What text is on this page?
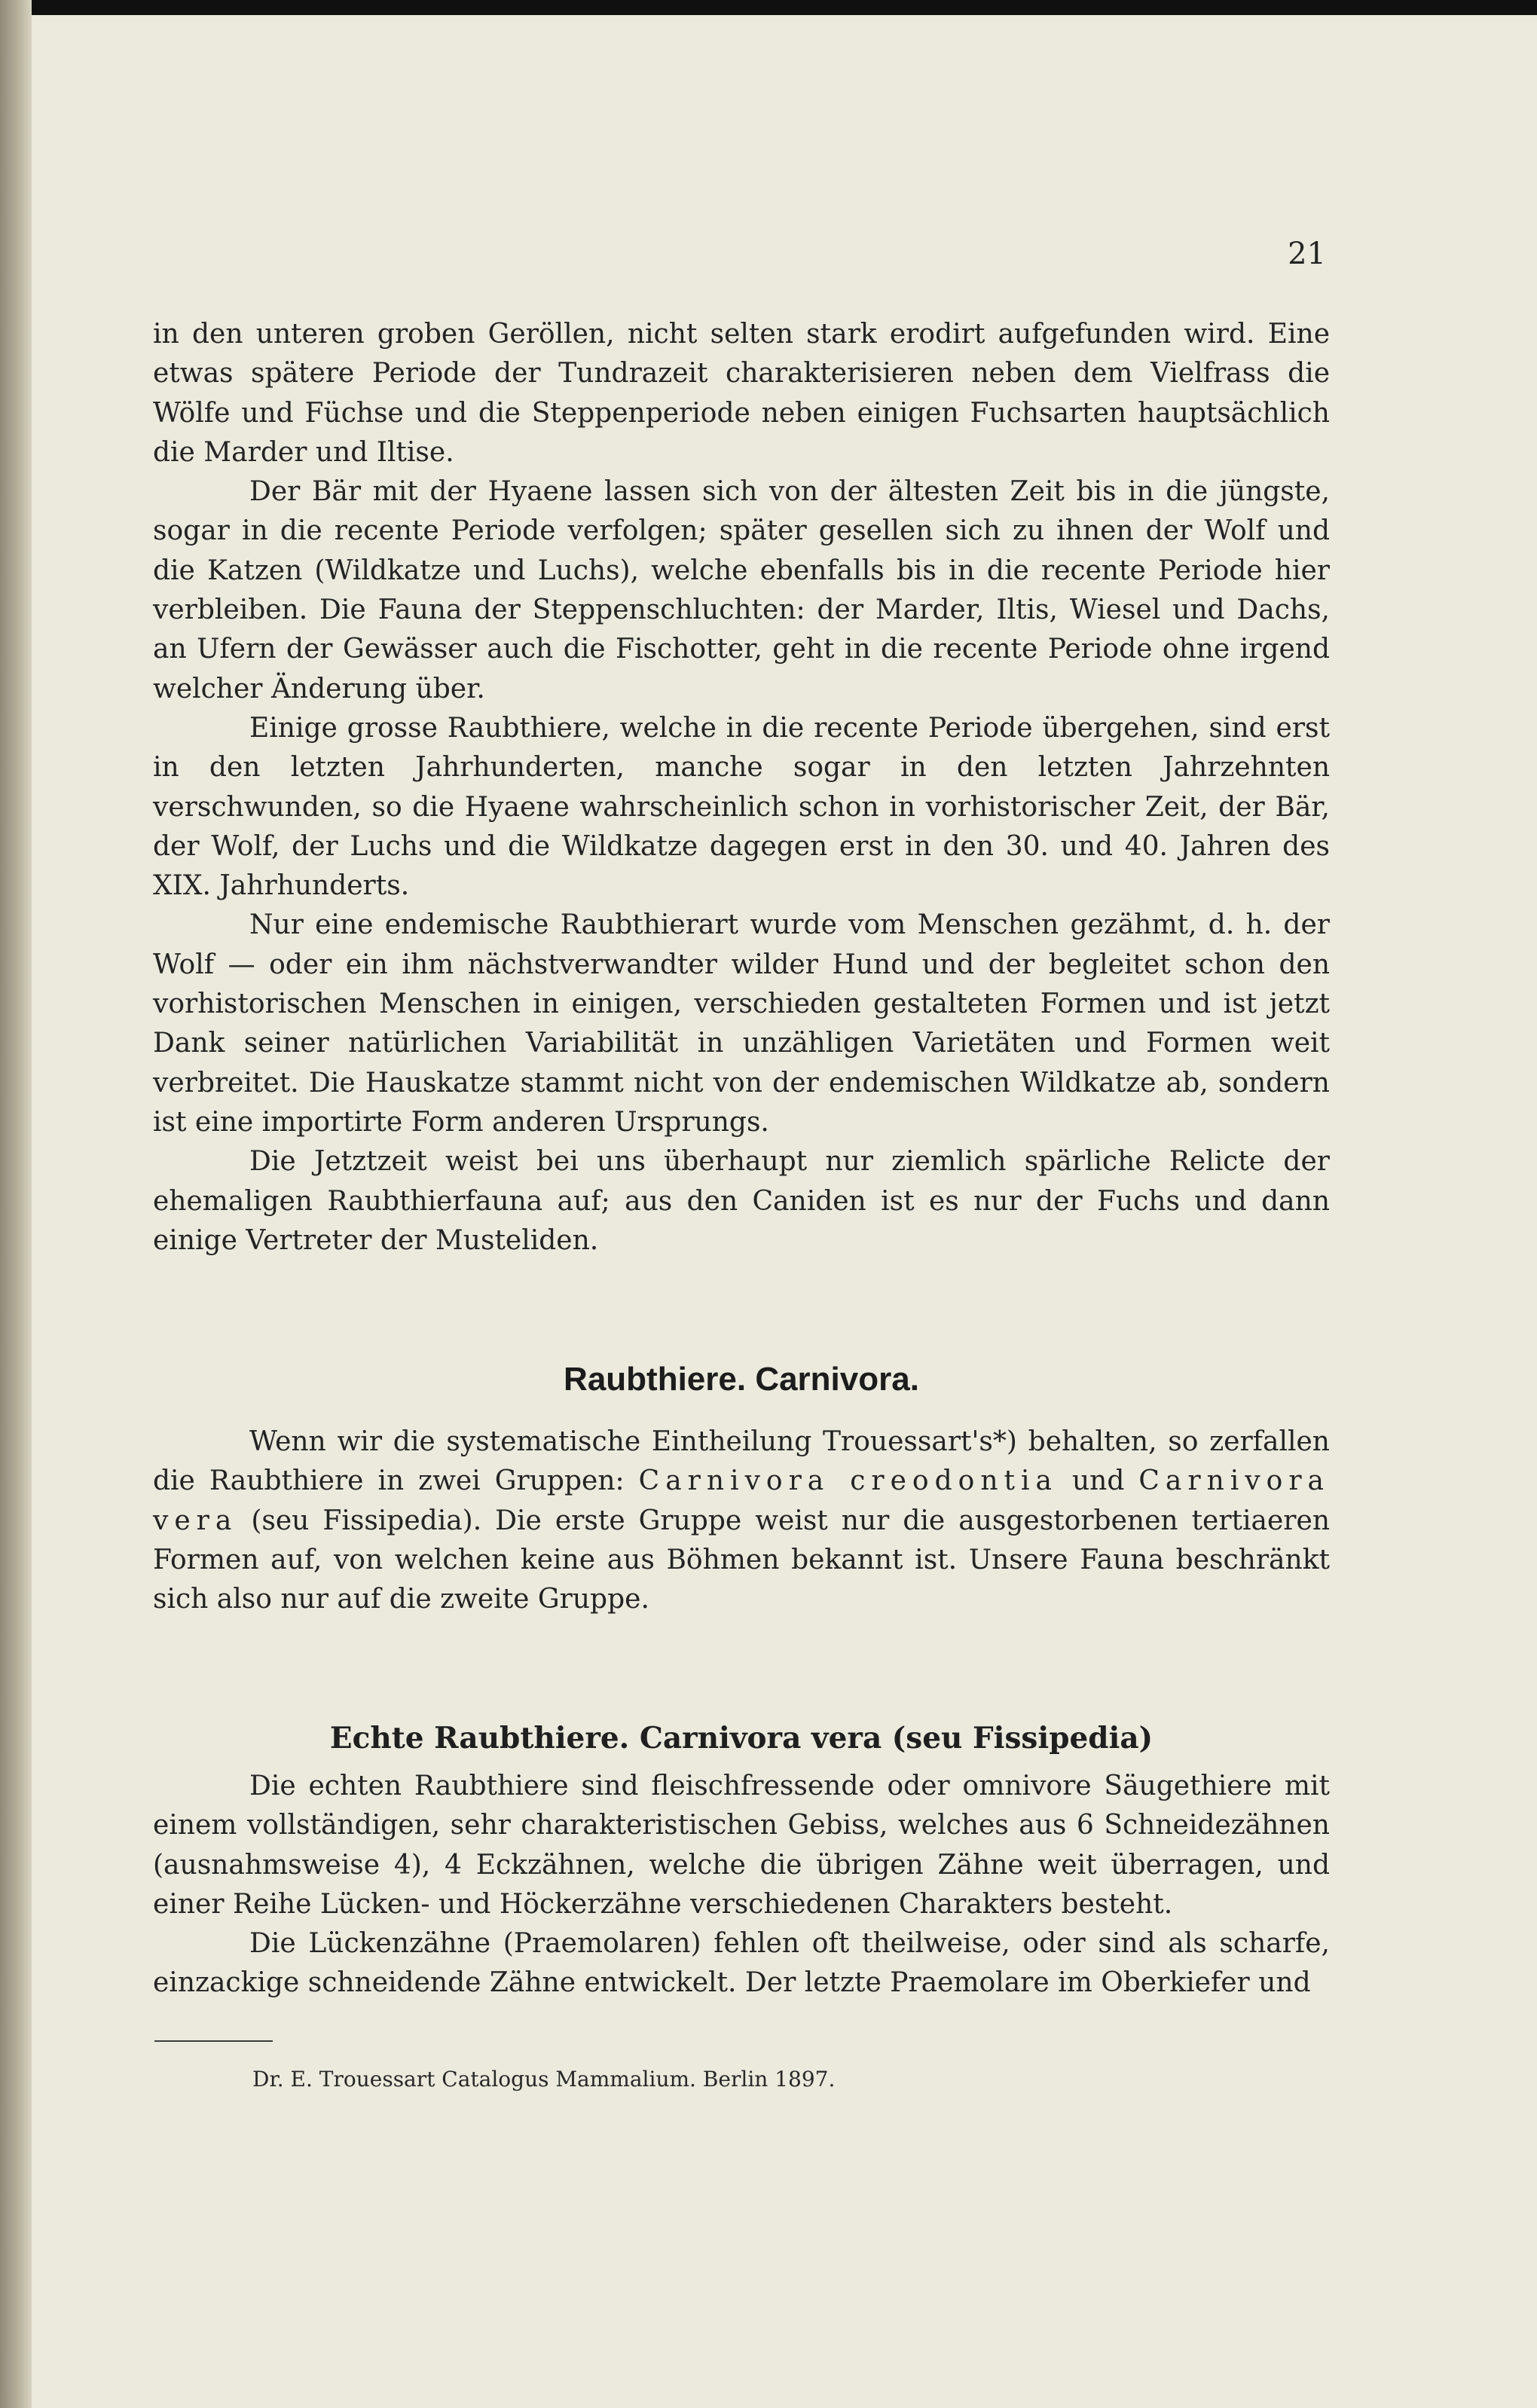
21

in den unteren groben Geröllen, nicht selten stark erodirt aufgefunden wird. Eine etwas spätere Periode der Tundrazeit charakterisieren neben dem Vielfrass die Wölfe und Füchse und die Steppenperiode neben einigen Fuchsarten hauptsächlich die Marder und Iltise.

Der Bär mit der Hyaene lassen sich von der ältesten Zeit bis in die jüngste, sogar in die recente Periode verfolgen; später gesellen sich zu ihnen der Wolf und die Katzen (Wildkatze und Luchs), welche ebenfalls bis in die recente Periode hier verbleiben. Die Fauna der Steppenschluchten: der Marder, Iltis, Wiesel und Dachs, an Ufern der Gewässer auch die Fischotter, geht in die recente Periode ohne irgend welcher Änderung über.

Einige grosse Raubthiere, welche in die recente Periode übergehen, sind erst in den letzten Jahrhunderten, manche sogar in den letzten Jahrzehnten verschwunden, so die Hyaene wahrscheinlich schon in vorhistorischer Zeit, der Bär, der Wolf, der Luchs und die Wildkatze dagegen erst in den 30. und 40. Jahren des XIX. Jahrhunderts.

Nur eine endemische Raubthierart wurde vom Menschen gezähmt, d. h. der Wolf — oder ein ihm nächstverwandter wilder Hund und der begleitet schon den vorhistorischen Menschen in einigen, verschieden gestalteten Formen und ist jetzt Dank seiner natürlichen Variabilität in unzähligen Varietäten und Formen weit verbreitet. Die Hauskatze stammt nicht von der endemischen Wildkatze ab, sondern ist eine importirte Form anderen Ursprungs.

Die Jetztzeit weist bei uns überhaupt nur ziemlich spärliche Relicte der ehemaligen Raubthierfauna auf; aus den Caniden ist es nur der Fuchs und dann einige Vertreter der Musteliden.

Raubthiere. Carnivora.

Wenn wir die systematische Eintheilung Trouessart's*) behalten, so zerfallen die Raubthiere in zwei Gruppen: Carnivora creodontia und Carnivora vera (seu Fissipedia). Die erste Gruppe weist nur die ausgestorbenen tertiaeren Formen auf, von welchen keine aus Böhmen bekannt ist. Unsere Fauna beschränkt sich also nur auf die zweite Gruppe.

Echte Raubthiere. Carnivora vera (seu Fissipedia)

Die echten Raubthiere sind fleischfressende oder omnivore Säugethiere mit einem vollständigen, sehr charakteristischen Gebiss, welches aus 6 Schneidezähnen (ausnahmsweise 4), 4 Eckzähnen, welche die übrigen Zähne weit überragen, und einer Reihe Lücken- und Höckerzähne verschiedenen Charakters besteht.

Die Lückenzähne (Praemolaren) fehlen oft theilweise, oder sind als scharfe, einzackige schneidende Zähne entwickelt. Der letzte Praemolare im Oberkiefer und

Dr. E. Trouessart Catalogus Mammalium. Berlin 1897.
